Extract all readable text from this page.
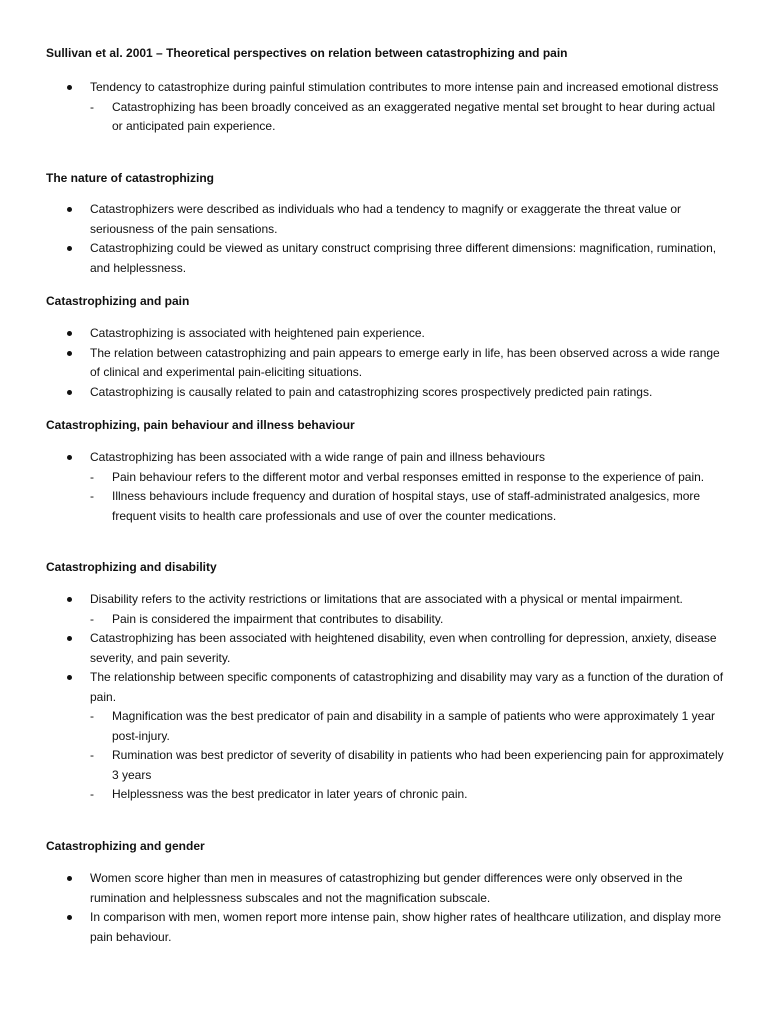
Sullivan et al. 2001 – Theoretical perspectives on relation between catastrophizing and pain
Tendency to catastrophize during painful stimulation contributes to more intense pain and increased emotional distress
- Catastrophizing has been broadly conceived as an exaggerated negative mental set brought to hear during actual or anticipated pain experience.
The nature of catastrophizing
Catastrophizers were described as individuals who had a tendency to magnify or exaggerate the threat value or seriousness of the pain sensations.
Catastrophizing could be viewed as unitary construct comprising three different dimensions: magnification, rumination, and helplessness.
Catastrophizing and pain
Catastrophizing is associated with heightened pain experience.
The relation between catastrophizing and pain appears to emerge early in life, has been observed across a wide range of clinical and experimental pain-eliciting situations.
Catastrophizing is causally related to pain and catastrophizing scores prospectively predicted pain ratings.
Catastrophizing, pain behaviour and illness behaviour
Catastrophizing has been associated with a wide range of pain and illness behaviours
- Pain behaviour refers to the different motor and verbal responses emitted in response to the experience of pain.
- Illness behaviours include frequency and duration of hospital stays, use of staff-administrated analgesics, more frequent visits to health care professionals and use of over the counter medications.
Catastrophizing and disability
Disability refers to the activity restrictions or limitations that are associated with a physical or mental impairment.
- Pain is considered the impairment that contributes to disability.
Catastrophizing has been associated with heightened disability, even when controlling for depression, anxiety, disease severity, and pain severity.
The relationship between specific components of catastrophizing and disability may vary as a function of the duration of pain.
- Magnification was the best predicator of pain and disability in a sample of patients who were approximately 1 year post-injury.
- Rumination was best predictor of severity of disability in patients who had been experiencing pain for approximately 3 years
- Helplessness was the best predicator in later years of chronic pain.
Catastrophizing and gender
Women score higher than men in measures of catastrophizing but gender differences were only observed in the rumination and helplessness subscales and not the magnification subscale.
In comparison with men, women report more intense pain, show higher rates of healthcare utilization, and display more pain behaviour.
